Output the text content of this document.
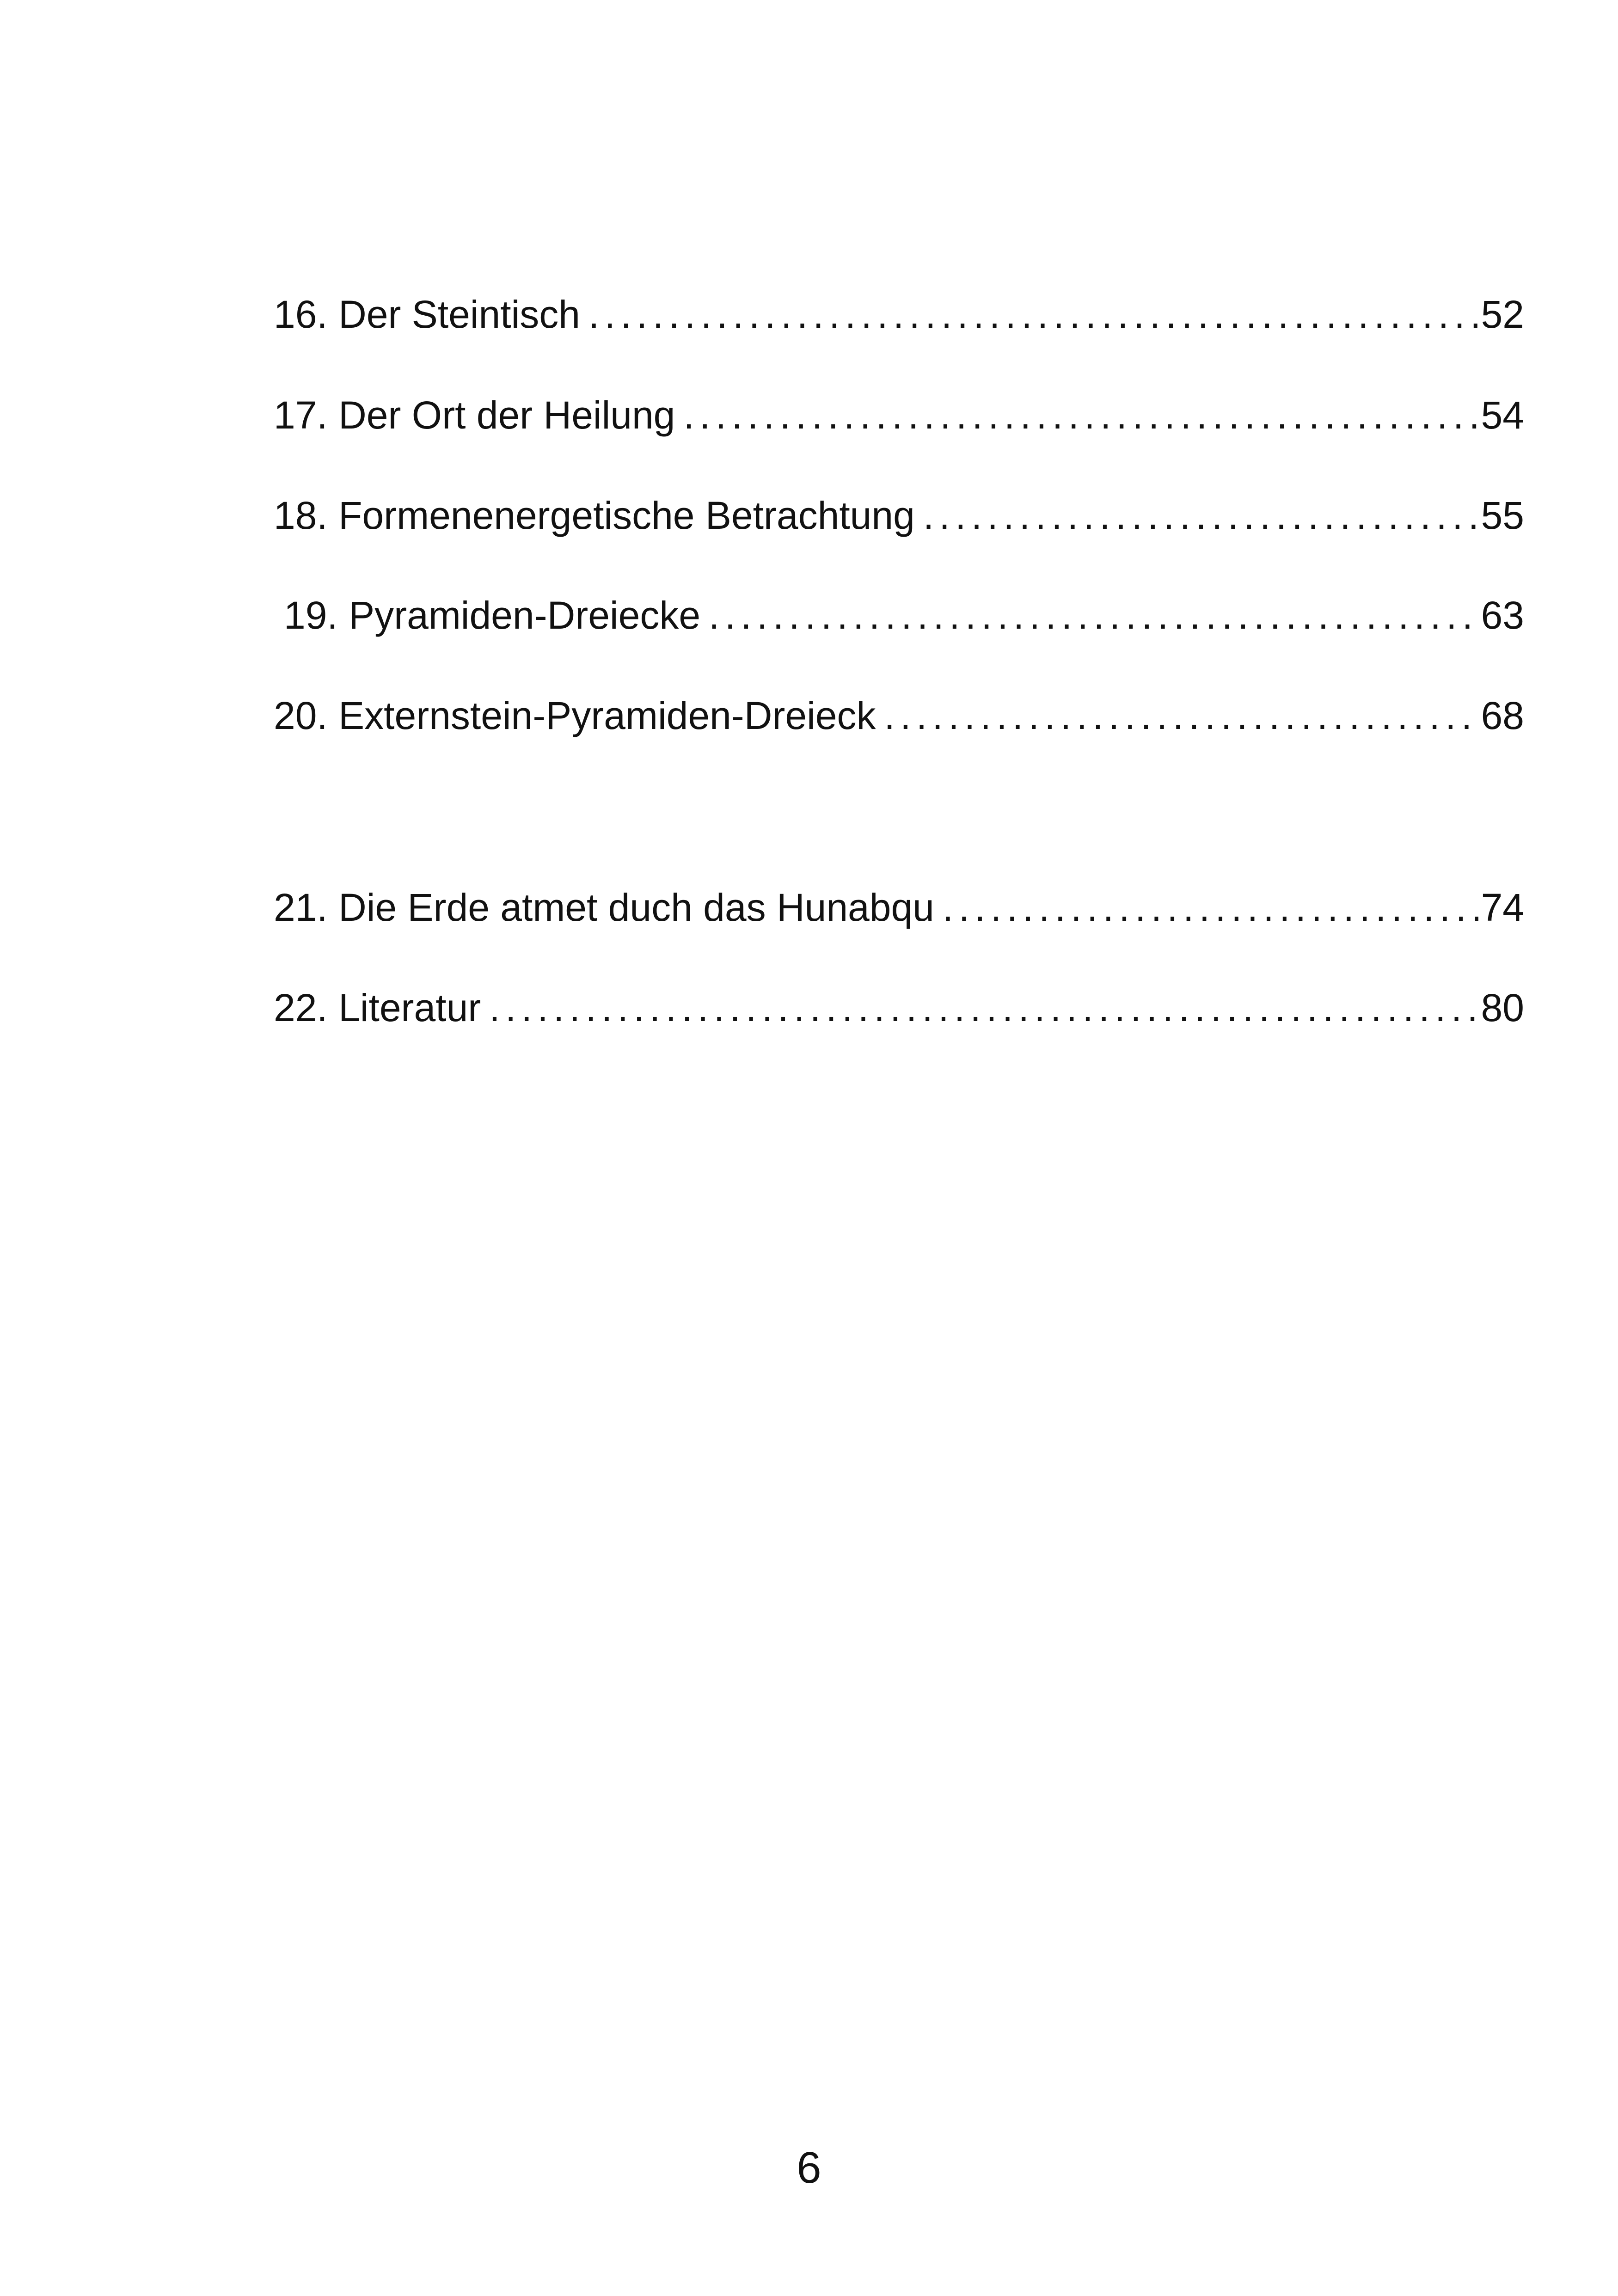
16. Der Steintisch . . .	52
17. Der Ort der Heilung . . .	54
18. Formenenergetische Betrachtung . . .	55
19. Pyramiden-Dreiecke . . .	63
20. Externstein-Pyramiden-Dreieck . . .	68
21. Die Erde atmet duch das Hunabqu . . .	74
22. Literatur . . .	80
6
